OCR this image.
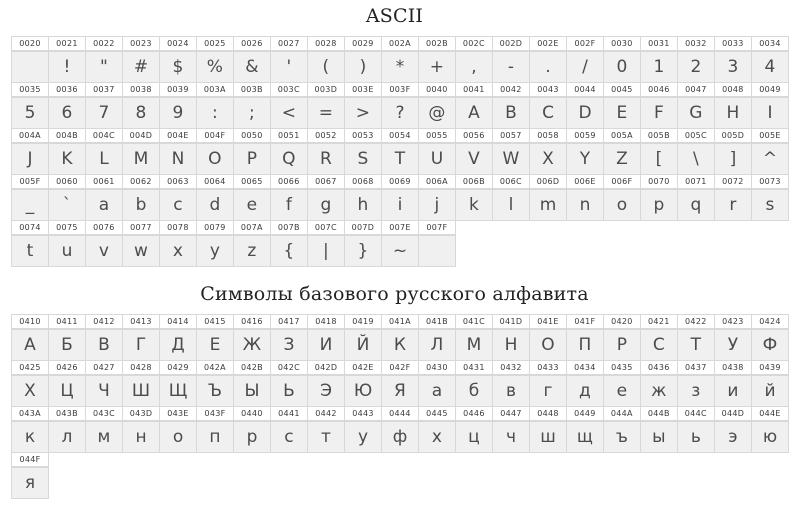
ASCII
0020	0021	0022	0023	0024	0025	0026	0027	0028	0029	002A	002B	002C	002D	002E	002F	0030	0031	0032	0033	0034

	!	"	#	$	%	&	'	(	)	*	+	,	-	.	/	0	1	2	3	4

0035	0036	0037	0038	0039	003A	003B	003C	003D	003E	003F	0040	0041	0042	0043	0044	0045	0046	0047	0048	0049

5	6	7	8	9	:	;	<	=	>	?	@	A	B	C	D	E	F	G	H	I

004A	004B	004C	004D	004E	004F	0050	0051	0052	0053	0054	0055	0056	0057	0058	0059	005A	005B	005C	005D	005E

J	K	L	M	N	O	P	Q	R	S	T	U	V	W	X	Y	Z	[	\	]	^

005F	0060	0061	0062	0063	0064	0065	0066	0067	0068	0069	006A	006B	006C	006D	006E	006F	0070	0071	0072	0073

_	`	a	b	c	d	e	f	g	h	i	j	k	l	m	n	o	p	q	r	s

0074	0075	0076	0077	0078	0079	007A	007B	007C	007D	007E	007F									

t	u	v	w	x	y	z	{	|	}	~										

Символы базового русского алфавита
0410	0411	0412	0413	0414	0415	0416	0417	0418	0419	041A	041B	041C	041D	041E	041F	0420	0421	0422	0423	0424

А	Б	В	Г	Д	Е	Ж	З	И	Й	К	Л	М	Н	О	П	Р	С	Т	У	Ф

0425	0426	0427	0428	0429	042A	042B	042C	042D	042E	042F	0430	0431	0432	0433	0434	0435	0436	0437	0438	0439

Х	Ц	Ч	Ш	Щ	Ъ	Ы	Ь	Э	Ю	Я	а	б	в	г	д	е	ж	з	и	й

043A	043B	043C	043D	043E	043F	0440	0441	0442	0443	0444	0445	0446	0447	0448	0449	044A	044B	044C	044D	044E

к	л	м	н	о	п	р	с	т	у	ф	х	ц	ч	ш	щ	ъ	ы	ь	э	ю

044F																				

я																				
